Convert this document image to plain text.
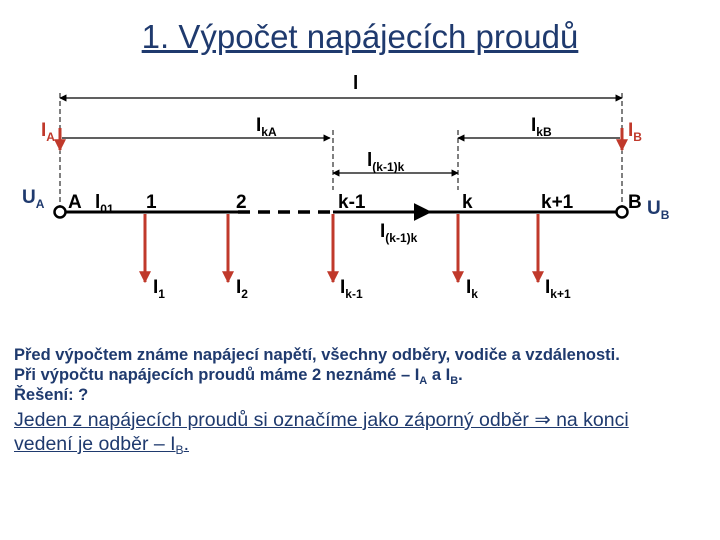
1. Výpočet napájecích proudů
l
$I_A$
$I_{kA}$	$I_{kB}$	$I_B$
$l_{(k-1)k}$
$U_A$ A $l_{01}$ 1	2	k-1	k	k+1	B $U_B$
$I_{(k-1)k}$
$I_1$	$I_2$	$I_{k-1}$	$I_k$	$I_{k+1}$
Před výpočtem známe napájecí napětí, všechny odběry, vodiče a vzdálenosti.
Při výpočtu napájecích proudů máme 2 neznámé – $I_A$ a $I_B$.
Řešení: ?
Jeden z napájecích proudů si označíme jako záporný odběr ⇒ na konci
vedení je odběr – $I_B$.
